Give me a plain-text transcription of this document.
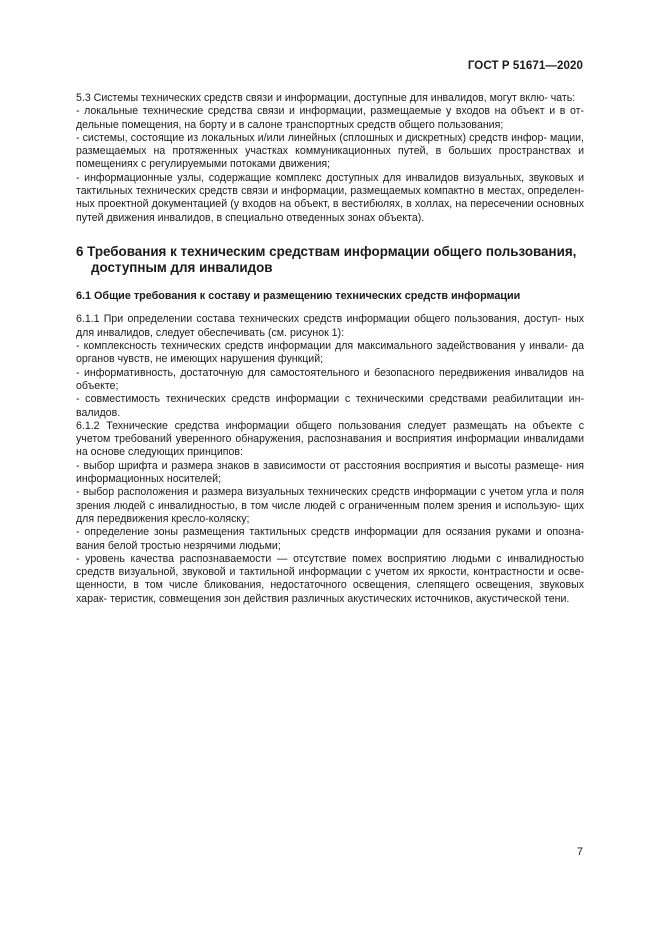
ГОСТ Р 51671—2020

5.3 Системы технических средств связи и информации, доступные для инвалидов, могут вклю- чать:

- локальные технические средства связи и информации, размещаемые у входов на объект и в от- дельные помещения, на борту и в салоне транспортных средств общего пользования;

- системы, состоящие из локальных и/или линейных (сплошных и дискретных) средств инфор- мации, размещаемых на протяженных участках коммуникационных путей, в больших пространствах и помещениях с регулируемыми потоками движения;

- информационные узлы, содержащие комплекс доступных для инвалидов визуальных, звуковых и тактильных технических средств связи и информации, размещаемых компактно в местах, определен- ных проектной документацией (у входов на объект, в вестибюлях, в холлах, на пересечении основных путей движения инвалидов, в специально отведенных зонах объекта).

6 Требования к техническим средствам информации общего пользования,
доступным для инвалидов

6.1 Общие требования к составу и размещению технических средств информации

6.1.1 При определении состава технических средств информации общего пользования, доступ- ных для инвалидов, следует обеспечивать (см. рисунок 1):

- комплексность технических средств информации для максимального задействования у инвали- да органов чувств, не имеющих нарушения функций;

- информативность, достаточную для самостоятельного и безопасного передвижения инвалидов на объекте;

- совместимость технических средств информации с техническими средствами реабилитации ин- валидов.

6.1.2 Технические средства информации общего пользования следует размещать на объекте с учетом требований уверенного обнаружения, распознавания и восприятия информации инвалидами на основе следующих принципов:

- выбор шрифта и размера знаков в зависимости от расстояния восприятия и высоты размеще- ния информационных носителей;

- выбор расположения и размера визуальных технических средств информации с учетом угла и поля зрения людей с инвалидностью, в том числе людей с ограниченным полем зрения и использую- щих для передвижения кресло-коляску;

- определение зоны размещения тактильных средств информации для осязания руками и опозна- вания белой тростью незрячими людьми;

- уровень качества распознаваемости — отсутствие помех восприятию людьми с инвалидностью средств визуальной, звуковой и тактильной информации с учетом их яркости, контрастности и осве- щенности, в том числе бликования, недостаточного освещения, слепящего освещения, звуковых харак- теристик, совмещения зон действия различных акустических источников, акустической тени.

7
